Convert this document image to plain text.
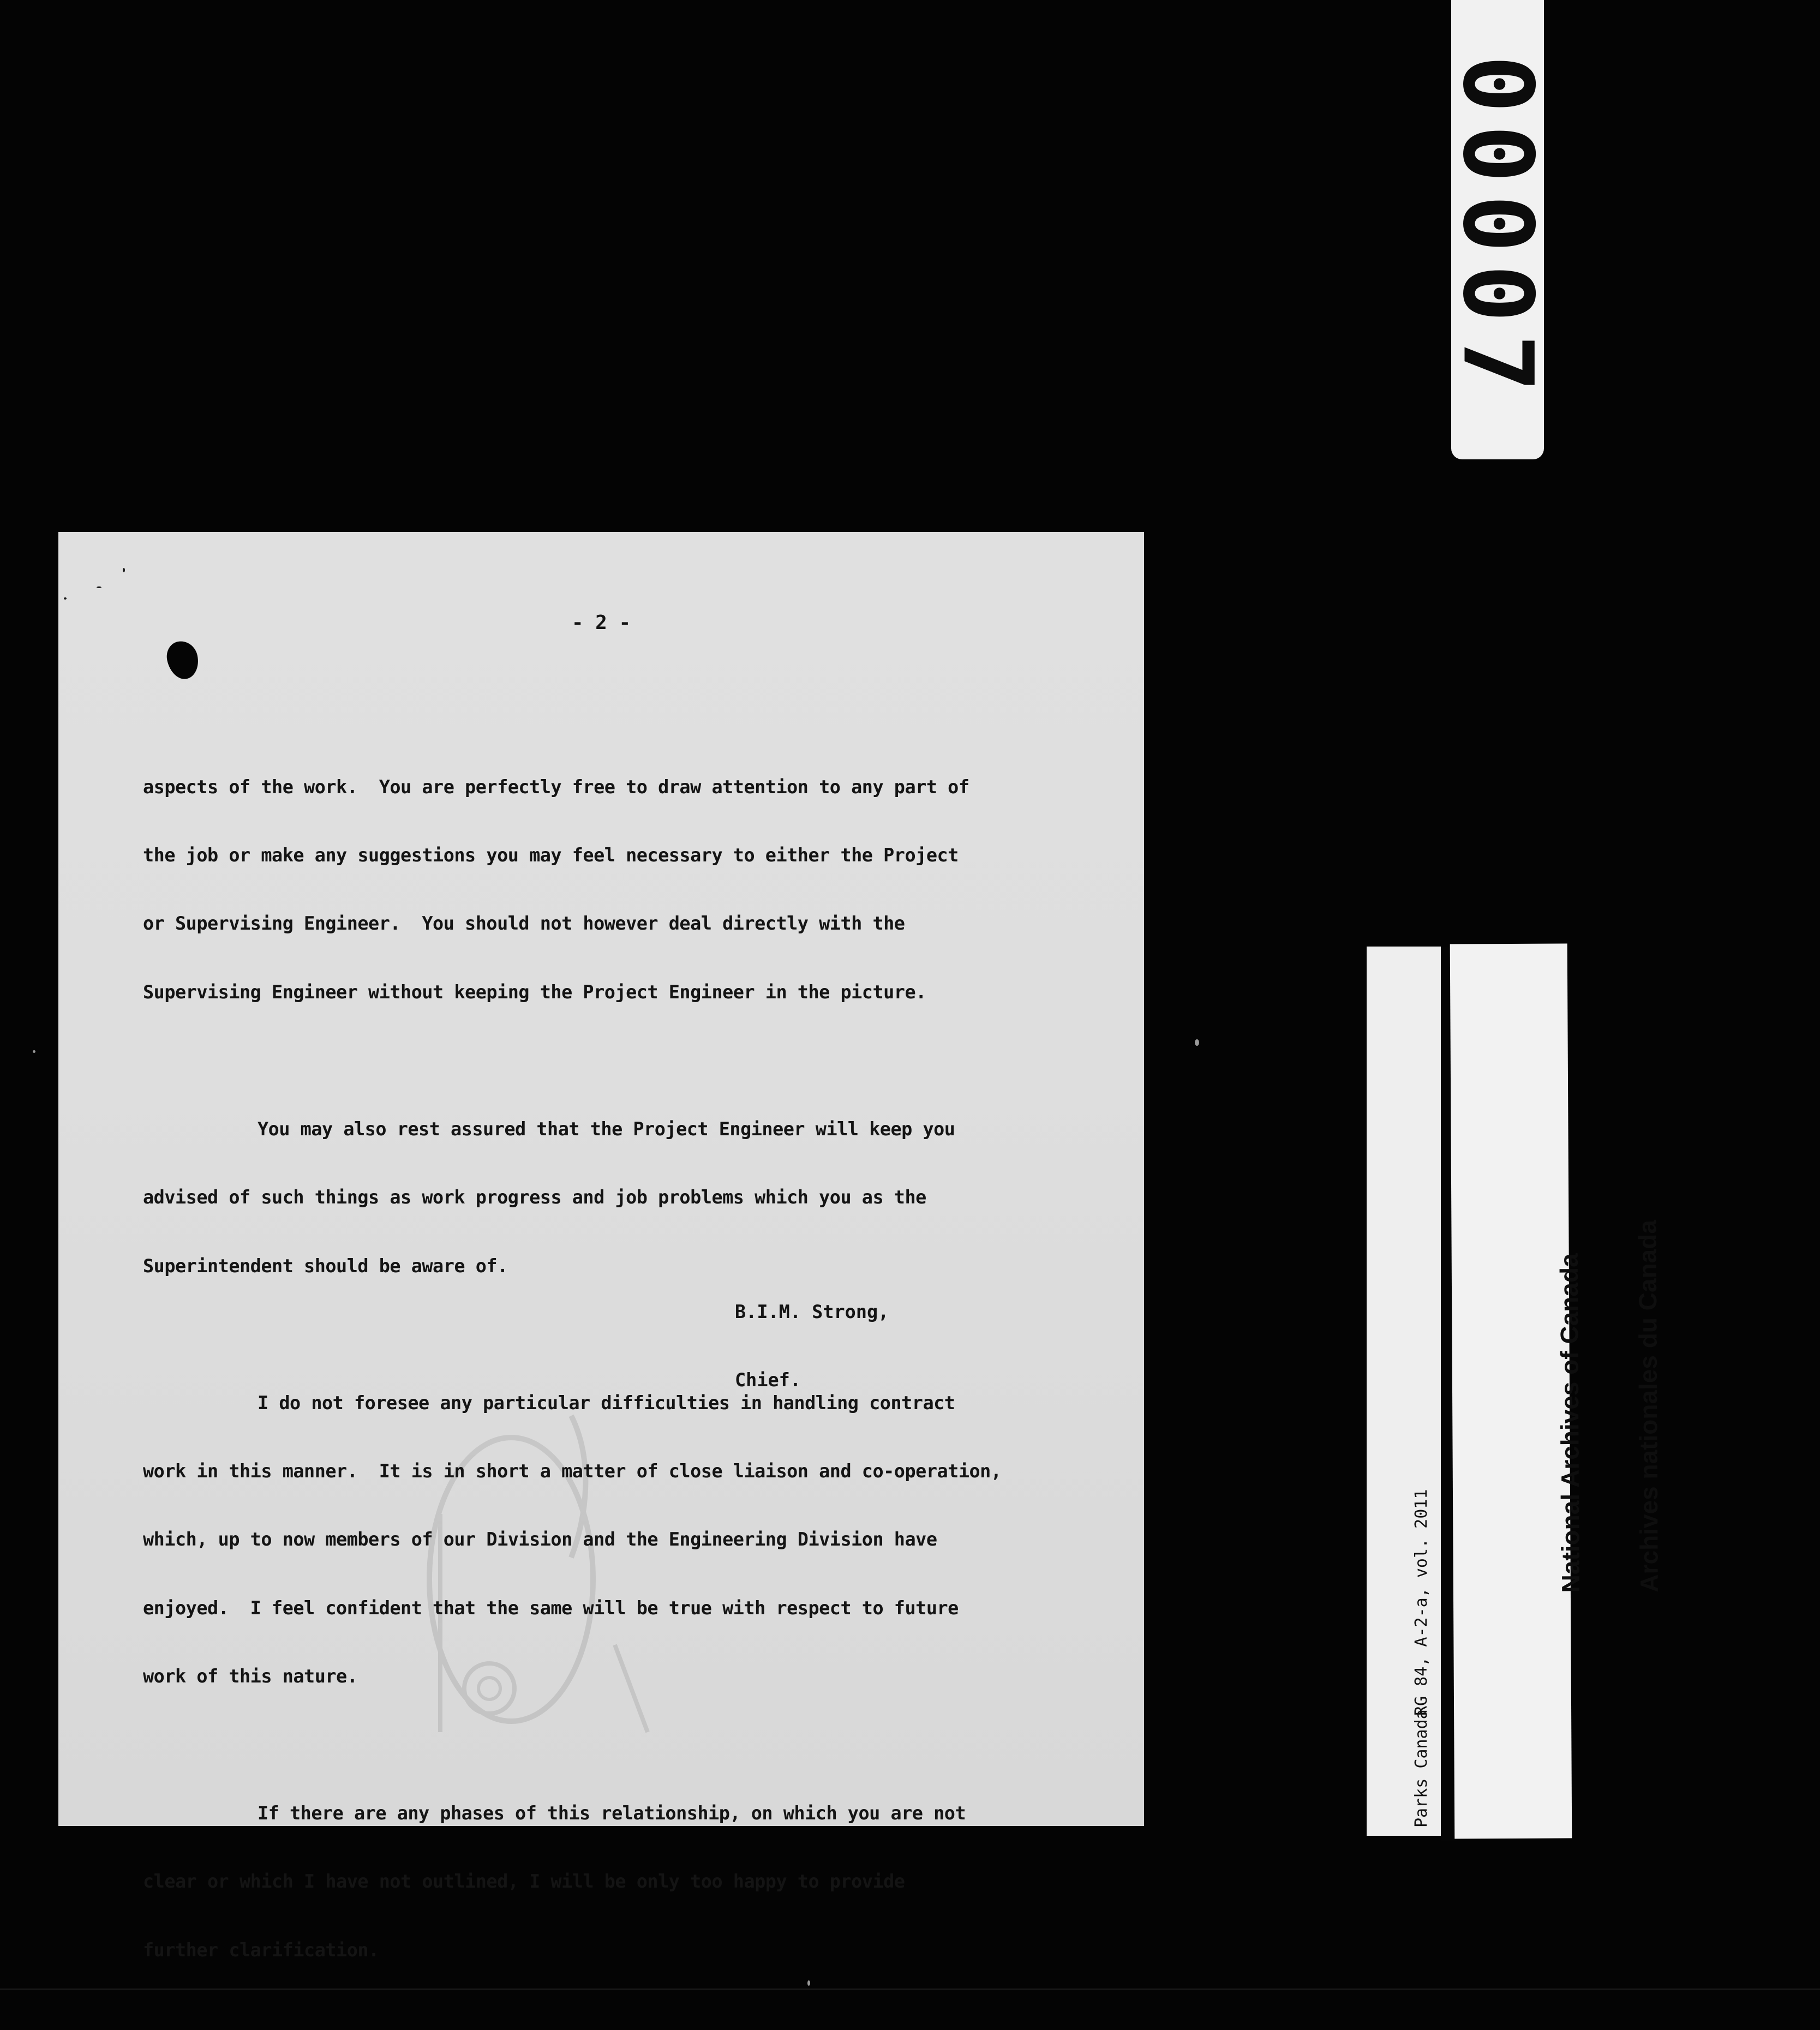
00007

- 2 -

aspects of the work.  You are perfectly free to draw attention to any part of

the job or make any suggestions you may feel necessary to either the Project

or Supervising Engineer.  You should not however deal directly with the

Supervising Engineer without keeping the Project Engineer in the picture.

You may also rest assured that the Project Engineer will keep you

advised of such things as work progress and job problems which you as the

Superintendent should be aware of.

I do not foresee any particular difficulties in handling contract

work in this manner.  It is in short a matter of close liaison and co-operation,

which, up to now members of our Division and the Engineering Division have

enjoyed.  I feel confident that the same will be true with respect to future

work of this nature.

If there are any phases of this relationship, on which you are not

clear or which I have not outlined, I will be only too happy to provide

further clarification.

B.I.M. Strong,

Chief.

RG 84, A-2-a, vol. 2011

Parks Canada

National Archives of Canada

Archives nationales du Canada
